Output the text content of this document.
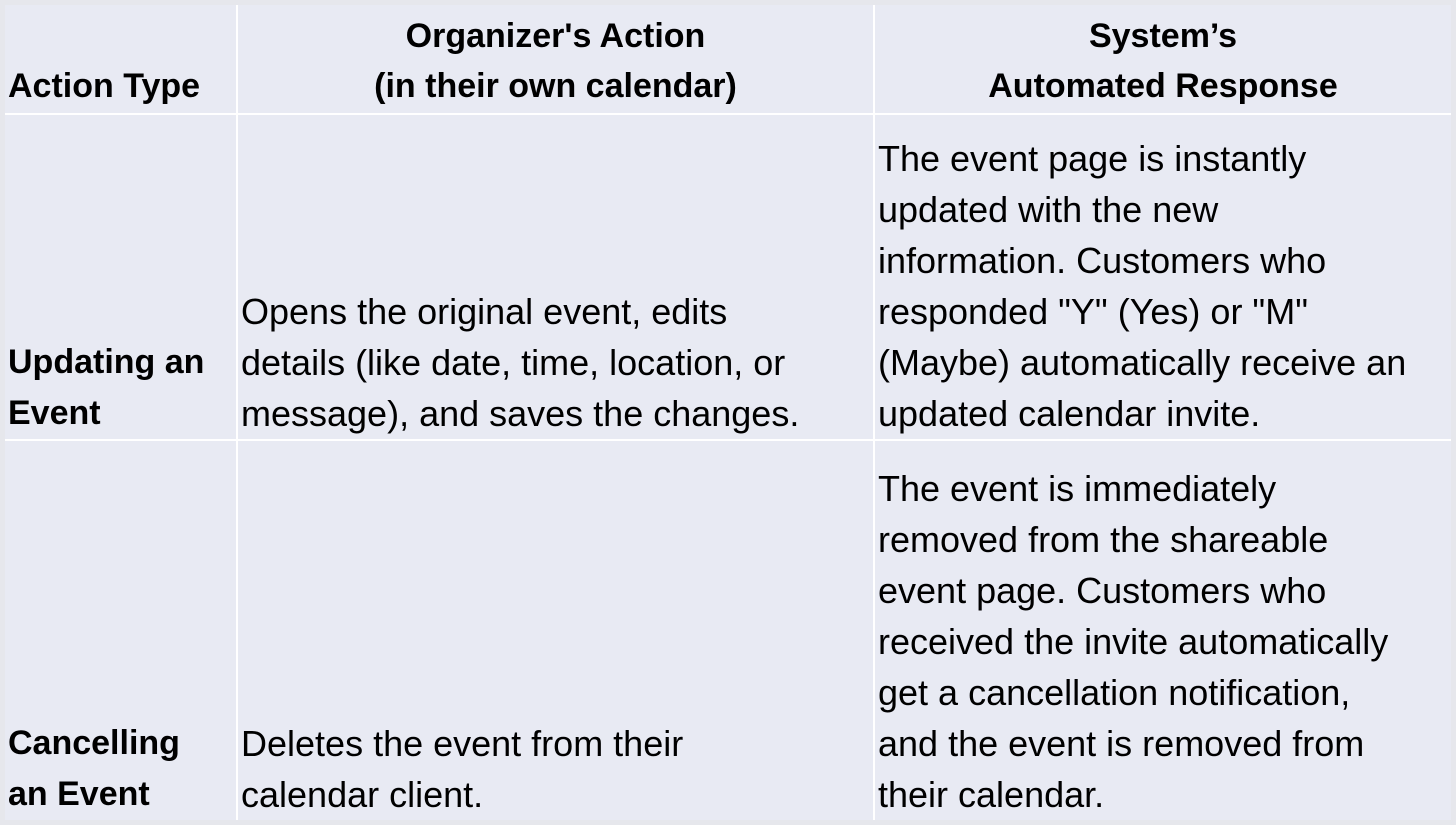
Action Type
Organizer's Action
(in their own calendar)
System’s
Automated Response
Updating an
Event
Opens the original event, edits
details (like date, time, location, or
message), and saves the changes.
The event page is instantly
updated with the new
information. Customers who
responded "Y" (Yes) or "M"
(Maybe) automatically receive an
updated calendar invite.
Cancelling
an Event
Deletes the event from their
calendar client.
The event is immediately
removed from the shareable
event page. Customers who
received the invite automatically
get a cancellation notification,
and the event is removed from
their calendar.
